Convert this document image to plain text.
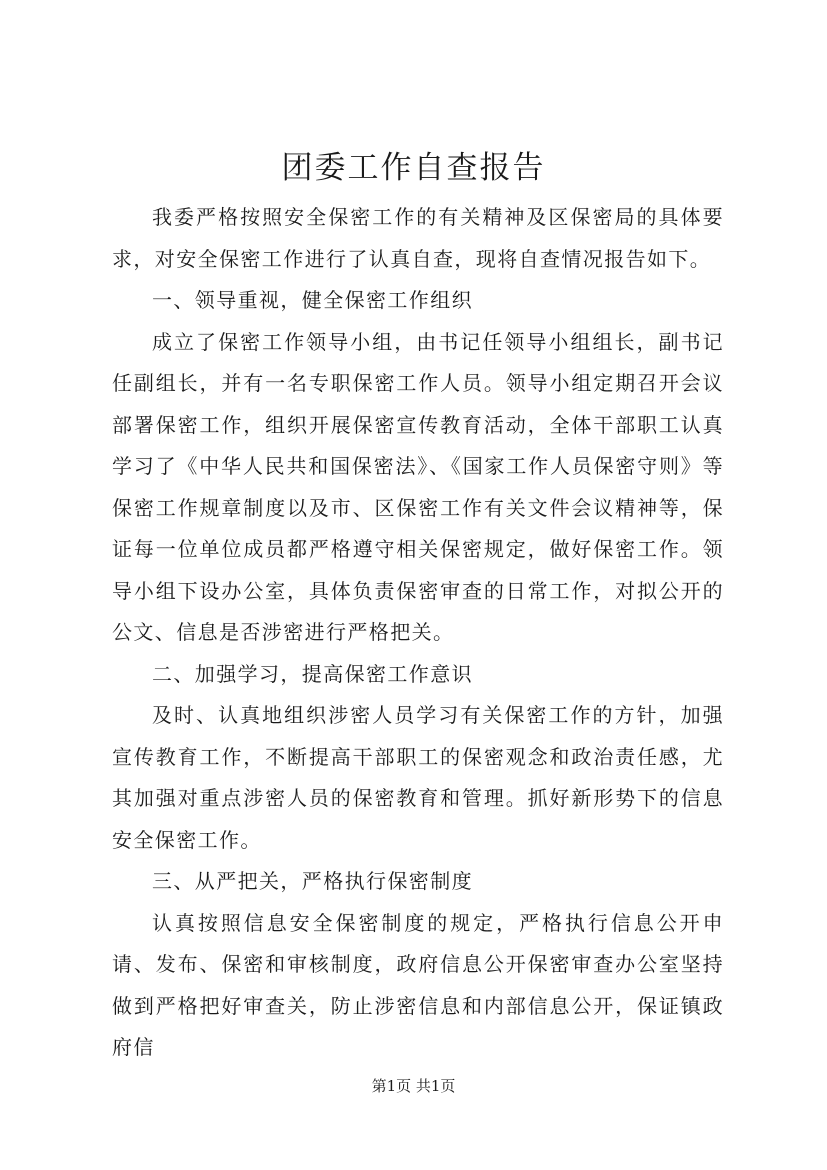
团委工作自查报告

我委严格按照安全保密工作的有关精神及区保密局的具体要求，对安全保密工作进行了认真自查，现将自查情况报告如下。

一、领导重视，健全保密工作组织

成立了保密工作领导小组，由书记任领导小组组长，副书记任副组长，并有一名专职保密工作人员。领导小组定期召开会议部署保密工作，组织开展保密宣传教育活动，全体干部职工认真学习了《中华人民共和国保密法》、《国家工作人员保密守则》等保密工作规章制度以及市、区保密工作有关文件会议精神等，保证每一位单位成员都严格遵守相关保密规定，做好保密工作。领导小组下设办公室，具体负责保密审查的日常工作，对拟公开的公文、信息是否涉密进行严格把关。

二、加强学习，提高保密工作意识

及时、认真地组织涉密人员学习有关保密工作的方针，加强宣传教育工作，不断提高干部职工的保密观念和政治责任感，尤其加强对重点涉密人员的保密教育和管理。抓好新形势下的信息安全保密工作。

三、从严把关，严格执行保密制度

认真按照信息安全保密制度的规定，严格执行信息公开申请、发布、保密和审核制度，政府信息公开保密审查办公室坚持做到严格把好审查关，防止涉密信息和内部信息公开，保证镇政府信

第1页 共1页
